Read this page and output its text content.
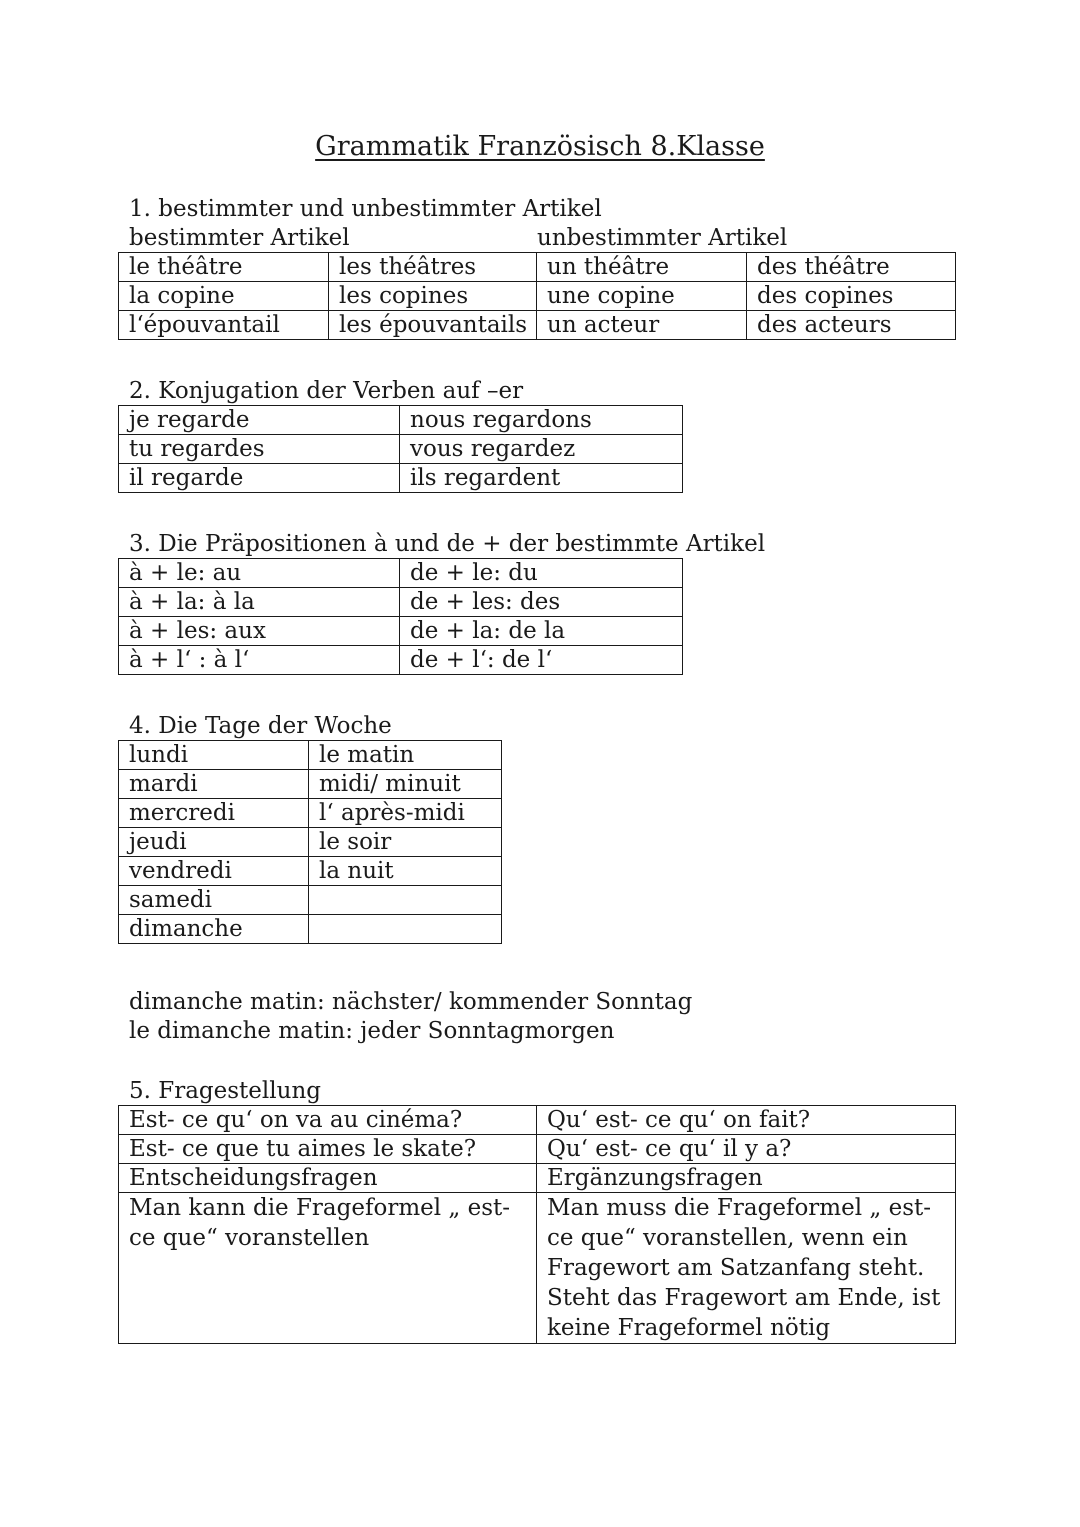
Grammatik Französisch 8.Klasse
1. bestimmter und unbestimmter Artikel
bestimmter Artikel	unbestimmter Artikel
le théâtre	les théâtres	un théâtre	des théâtre
la copine	les copines	une copine	des copines
l‘épouvantail	les épouvantails	un acteur	des acteurs
2. Konjugation der Verben auf –er
je regarde	nous regardons
tu regardes	vous regardez
il regarde	ils regardent
3. Die Präpositionen à und de + der bestimmte Artikel
à + le: au	de + le: du
à + la: à la	de + les: des
à + les: aux	de + la: de la
à + l‘ : à l‘	de + l‘: de l‘
4. Die Tage der Woche
lundi	le matin
mardi	midi/ minuit
mercredi	l‘ après-midi
jeudi	le soir
vendredi	la nuit
samedi	
dimanche	
dimanche matin: nächster/ kommender Sonntag
le dimanche matin: jeder Sonntagmorgen
5. Fragestellung
Est- ce qu‘ on va au cinéma?	Qu‘ est- ce qu‘ on fait?
Est- ce que tu aimes le skate?	Qu‘ est- ce qu‘ il y a?
Entscheidungsfragen	Ergänzungsfragen
Man kann die Frageformel „ est- ce que“ voranstellen	Man muss die Frageformel „ est- ce que“ voranstellen, wenn ein Fragewort am Satzanfang steht. Steht das Fragewort am Ende, ist keine Frageformel nötig
